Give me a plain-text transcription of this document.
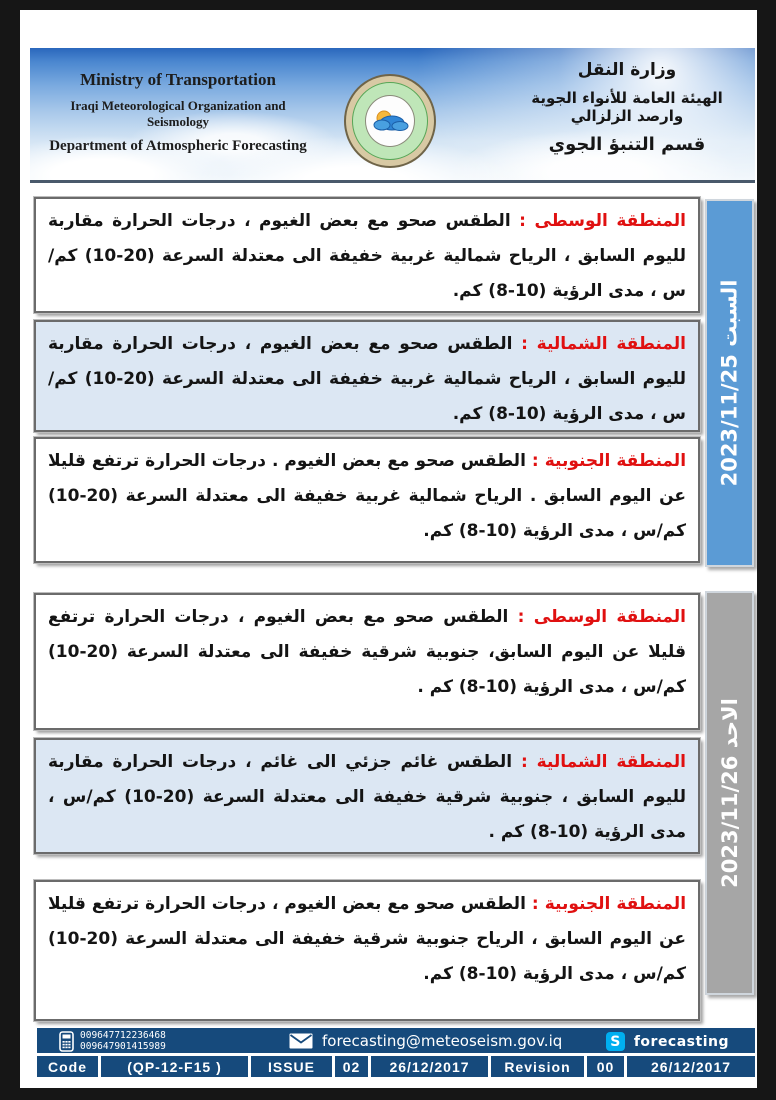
Ministry of Transportation
Iraqi Meteorological Organization and Seismology
Department of Atmospheric Forecasting
وزارة النقل
الهيئة العامة للأنواء الجوية وارصد الزلزالي
قسم التنبؤ الجوي
السبت 2023/11/25
المنطقة الوسطى : الطقس صحو مع بعض الغيوم ، درجات الحرارة مقاربة لليوم السابق ، الرياح شمالية غربية خفيفة الى معتدلة السرعة (20-10) كم/س ، مدى الرؤية (10-8) كم.
المنطقة الشمالية : الطقس صحو مع بعض الغيوم ، درجات الحرارة مقاربة لليوم السابق ، الرياح شمالية غربية خفيفة الى معتدلة السرعة (20-10) كم/س ، مدى الرؤية (10-8) كم.
المنطقة الجنوبية : الطقس صحو مع بعض الغيوم . درجات الحرارة ترتفع قليلا عن اليوم السابق . الرياح شمالية غربية خفيفة الى معتدلة السرعة (20-10) كم/س ، مدى الرؤية (10-8) كم.
الاحد 2023/11/26
المنطقة الوسطى : الطقس صحو مع بعض الغيوم ، درجات الحرارة ترتفع قليلا عن اليوم السابق، جنوبية شرقية خفيفة الى معتدلة السرعة (20-10) كم/س ، مدى الرؤية (10-8) كم .
المنطقة الشمالية : الطقس غائم جزئي الى غائم ، درجات الحرارة مقاربة لليوم السابق ، جنوبية شرقية خفيفة الى معتدلة السرعة (20-10) كم/س ، مدى الرؤية (10-8) كم .
المنطقة الجنوبية : الطقس صحو مع بعض الغيوم ، درجات الحرارة ترتفع قليلا عن اليوم السابق ، الرياح جنوبية شرقية خفيفة الى معتدلة السرعة (20-10) كم/س ، مدى الرؤية (10-8) كم.
009647712236468
009647901415989	forecasting@meteoseism.gov.iq	S forecasting
Code	(QP-12-F15 )	ISSUE	02	26/12/2017	Revision	00	26/12/2017
